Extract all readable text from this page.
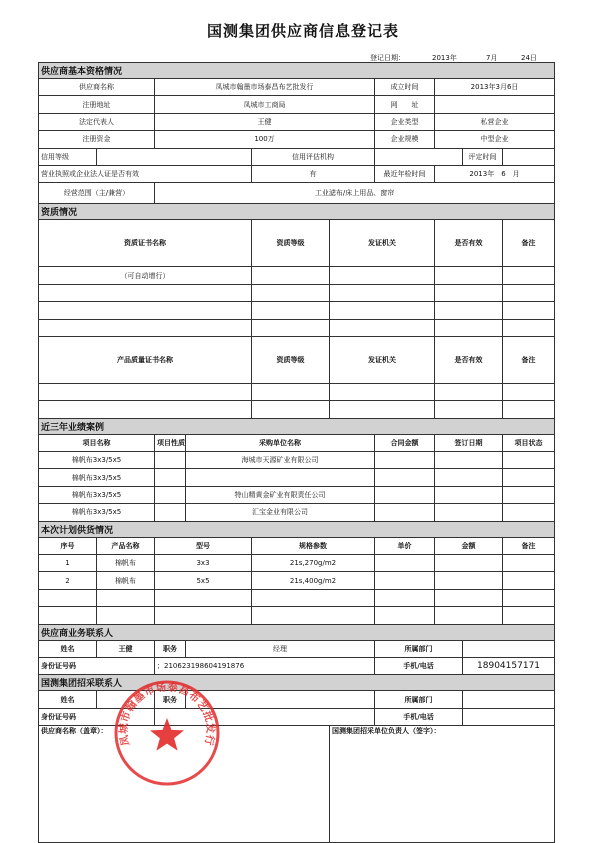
国测集团供应商信息登记表
登记日期：	2013年	7月	24日
供应商基本资格情况									
供应商名称		凤城市翰墨市场泰昌布艺批发行				成立时间	2013年3月6日		
注册地址		凤城市工商局				网　　址			
法定代表人		王健				企业类型	私营企业		
注册资金		100万				企业规模	中型企业		
信用等级				信用评估机构				评定时间	
营业执照或企业法人证是否有效				有		最近年检时间	2013年　6　月		
经营范围（主/兼营）		工业滤布/床上用品、窗帘							
资质情况									
资质证书名称				资质等级	发证机关		是否有效		备注
（可自动增行）									

产品质量证书名称				资质等级	发证机关		是否有效		备注

近三年业绩案例									
项目名称		项目性质	采购单位名称			合同金额	签订日期		项目状态
棉帆布3x3/5x5			海城市天源矿业有限公司						
棉帆布3x3/5x5									
棉帆布3x3/5x5			特山精黄金矿业有限责任公司						
棉帆布3x3/5x5			汇宝金业有限公司						
本次计划供货情况									
序号	产品名称	型号		规格参数		单价	金额		备注
1	棉帆布	3x3		21s,270g/m2					
2	棉帆布	5x5		21s,400g/m2					

供应商业务联系人									
姓名	王健	职务	经理			所属部门			
身份证号码		；210623198604191876				手机/电话		18904157171	
国测集团招采联系人									
姓名		职务				所属部门			
身份证号码						手机/电话			
供应商名称（盖章）：					国测集团招采单位负责人（签字）：				
凤城市翰墨市场泰昌布艺批发行
